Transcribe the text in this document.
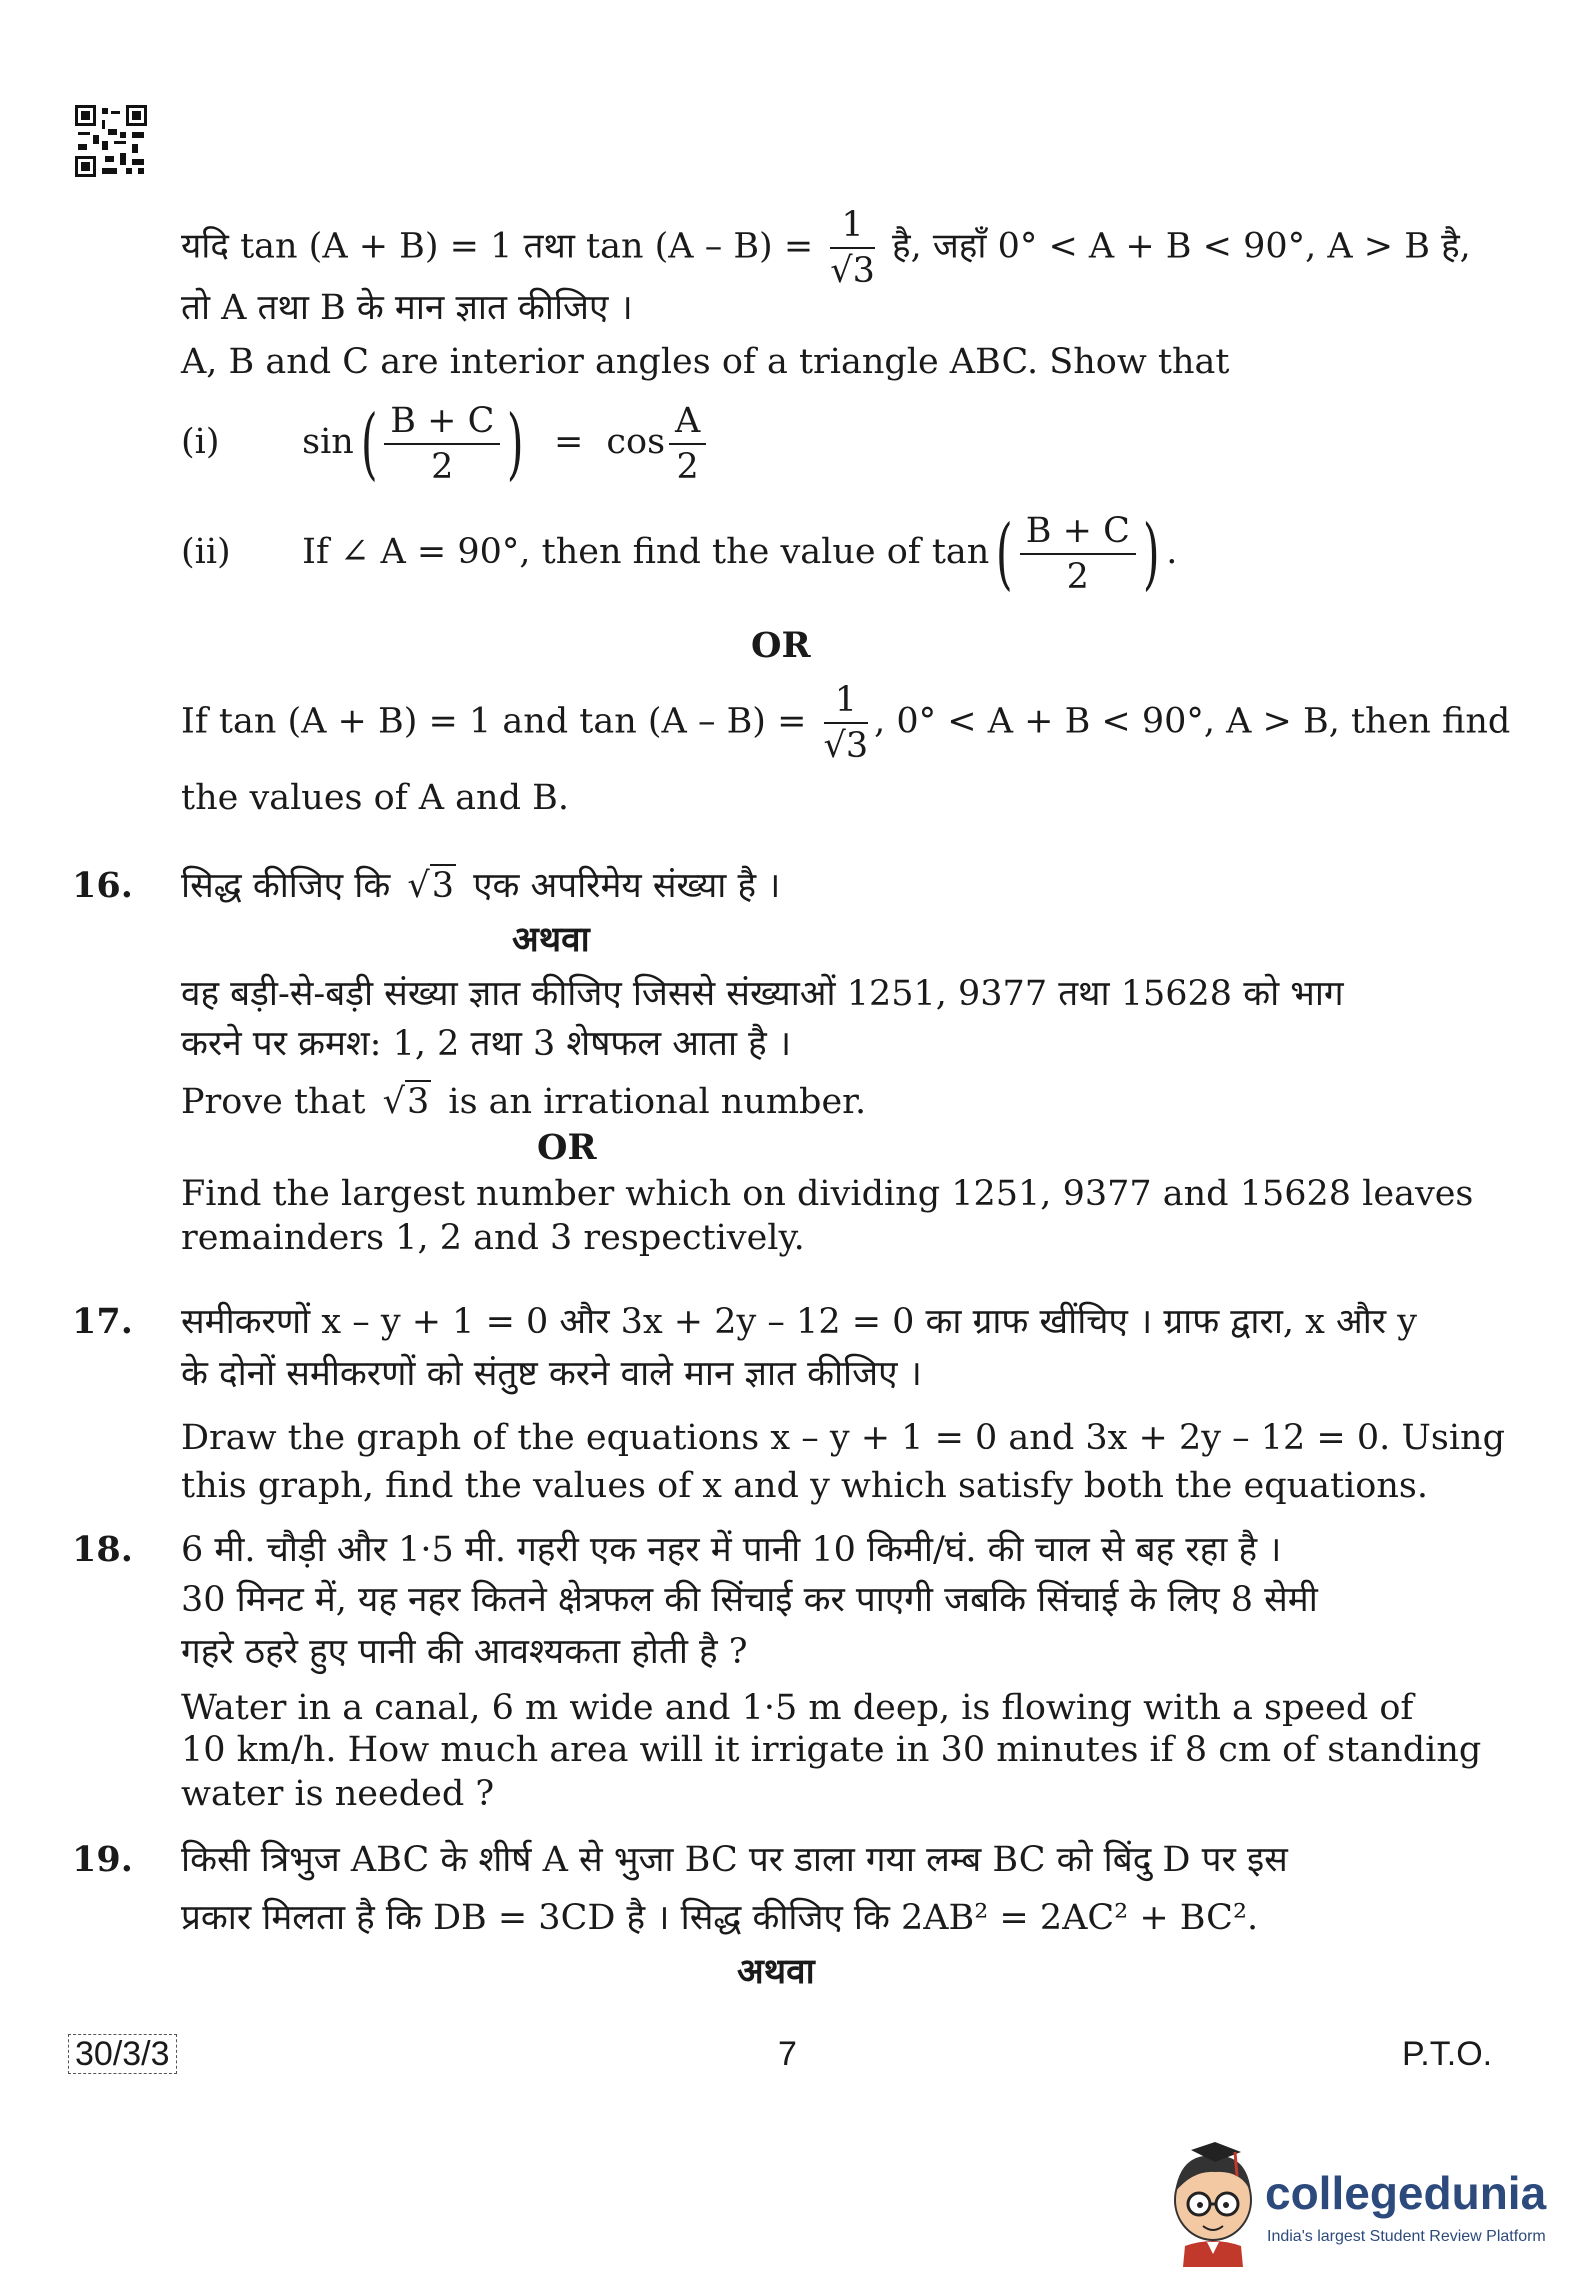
यदि tan (A + B) = 1 तथा $\tan (A - B) = \frac{1}{√3}$ है, जहाँ 0° < A + B < 90°, A > B है,
तो A तथा B के मान ज्ञात कीजिए ।
A, B and C are interior angles of a triangle ABC. Show that
(i) $\sin( \frac{B + C}{2}$ ) = $\cos \frac{A}{2}$
(ii) If ∠ A = 90°, then find the value of $\tan( \frac{B + C}{2}$ ) .
OR
If tan (A + B) = 1 and $\tan (A - B) = \frac{1}{√3}$ , 0° < A + B < 90°, A > B, then find
the values of A and B.
16. सिद्ध कीजिए कि √3 एक अपरिमेय संख्या है ।
अथवा
वह बड़ी-से-बड़ी संख्या ज्ञात कीजिए जिससे संख्याओं 1251, 9377 तथा 15628 को भाग
करने पर क्रमश: 1, 2 तथा 3 शेषफल आता है ।
Prove that √3 is an irrational number.
OR
Find the largest number which on dividing 1251, 9377 and 15628 leaves
remainders 1, 2 and 3 respectively.
17. समीकरणों x – y + 1 = 0 और 3x + 2y – 12 = 0 का ग्राफ खींचिए । ग्राफ द्वारा, x और y
के दोनों समीकरणों को संतुष्ट करने वाले मान ज्ञात कीजिए ।
Draw the graph of the equations x – y + 1 = 0 and 3x + 2y – 12 = 0. Using
this graph, find the values of x and y which satisfy both the equations.
18. 6 मी. चौड़ी और 1·5 मी. गहरी एक नहर में पानी 10 किमी/घं. की चाल से बह रहा है ।
30 मिनट में, यह नहर कितने क्षेत्रफल की सिंचाई कर पाएगी जबकि सिंचाई के लिए 8 सेमी
गहरे ठहरे हुए पानी की आवश्यकता होती है ?
Water in a canal, 6 m wide and 1·5 m deep, is flowing with a speed of
10 km/h. How much area will it irrigate in 30 minutes if 8 cm of standing
water is needed ?
19. किसी त्रिभुज ABC के शीर्ष A से भुजा BC पर डाला गया लम्ब BC को बिंदु D पर इस
प्रकार मिलता है कि DB = 3CD है । सिद्ध कीजिए कि 2AB² = 2AC² + BC².
अथवा
30/3/3	7	P.T.O.
collegedunia
India's largest Student Review Platform
